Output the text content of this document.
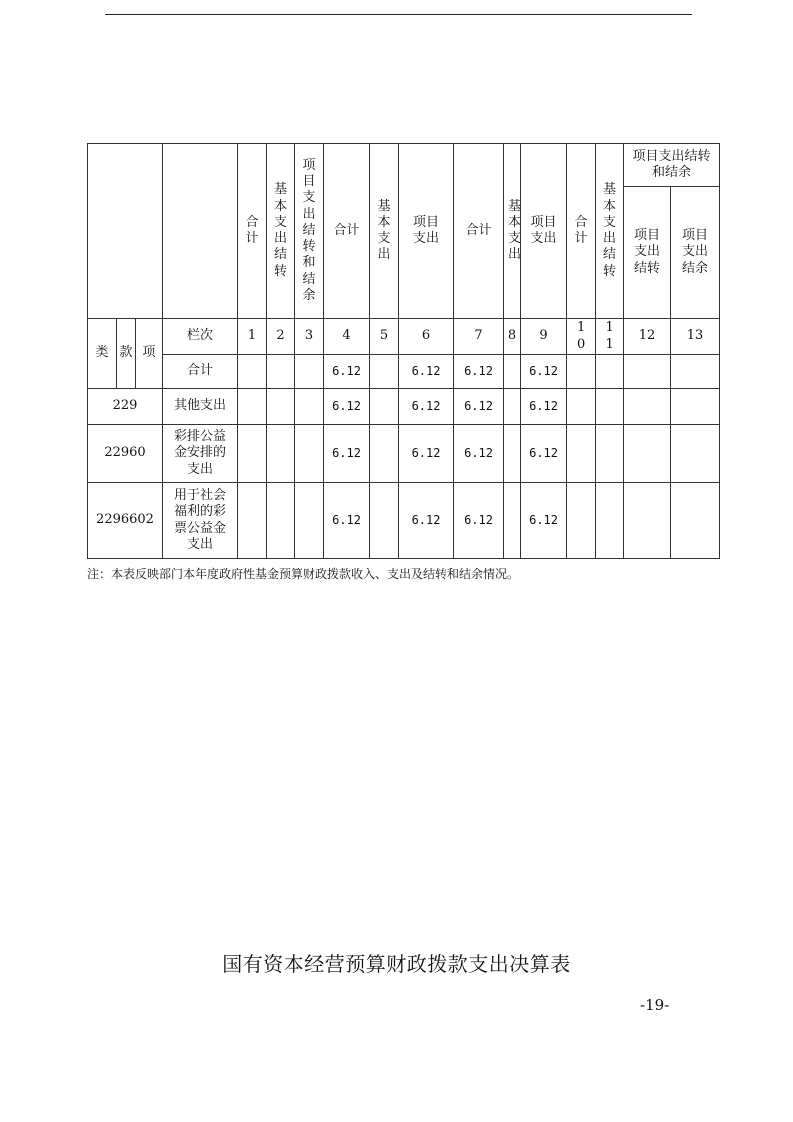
				合计	基本支出结转	项目支出结转和结余	合计	基本支出	项目支出	合计	基本支出	项目支出	合计	基本支出结转	项目支出结转和结余	
															项目支出结转	项目支出结余
类	款	项	栏次	1	2	3	4	5	6	7	8	9	10	11	12	13
			合计				6.12		6.12	6.12		6.12				
229			其他支出				6.12		6.12	6.12		6.12				
22960			彩排公益金安排的支出				6.12		6.12	6.12		6.12				
2296602			用于社会福利的彩票公益金支出				6.12		6.12	6.12		6.12				
注：本表反映部门本年度政府性基金预算财政拨款收入、支出及结转和结余情况。
国有资本经营预算财政拨款支出决算表
-19-
